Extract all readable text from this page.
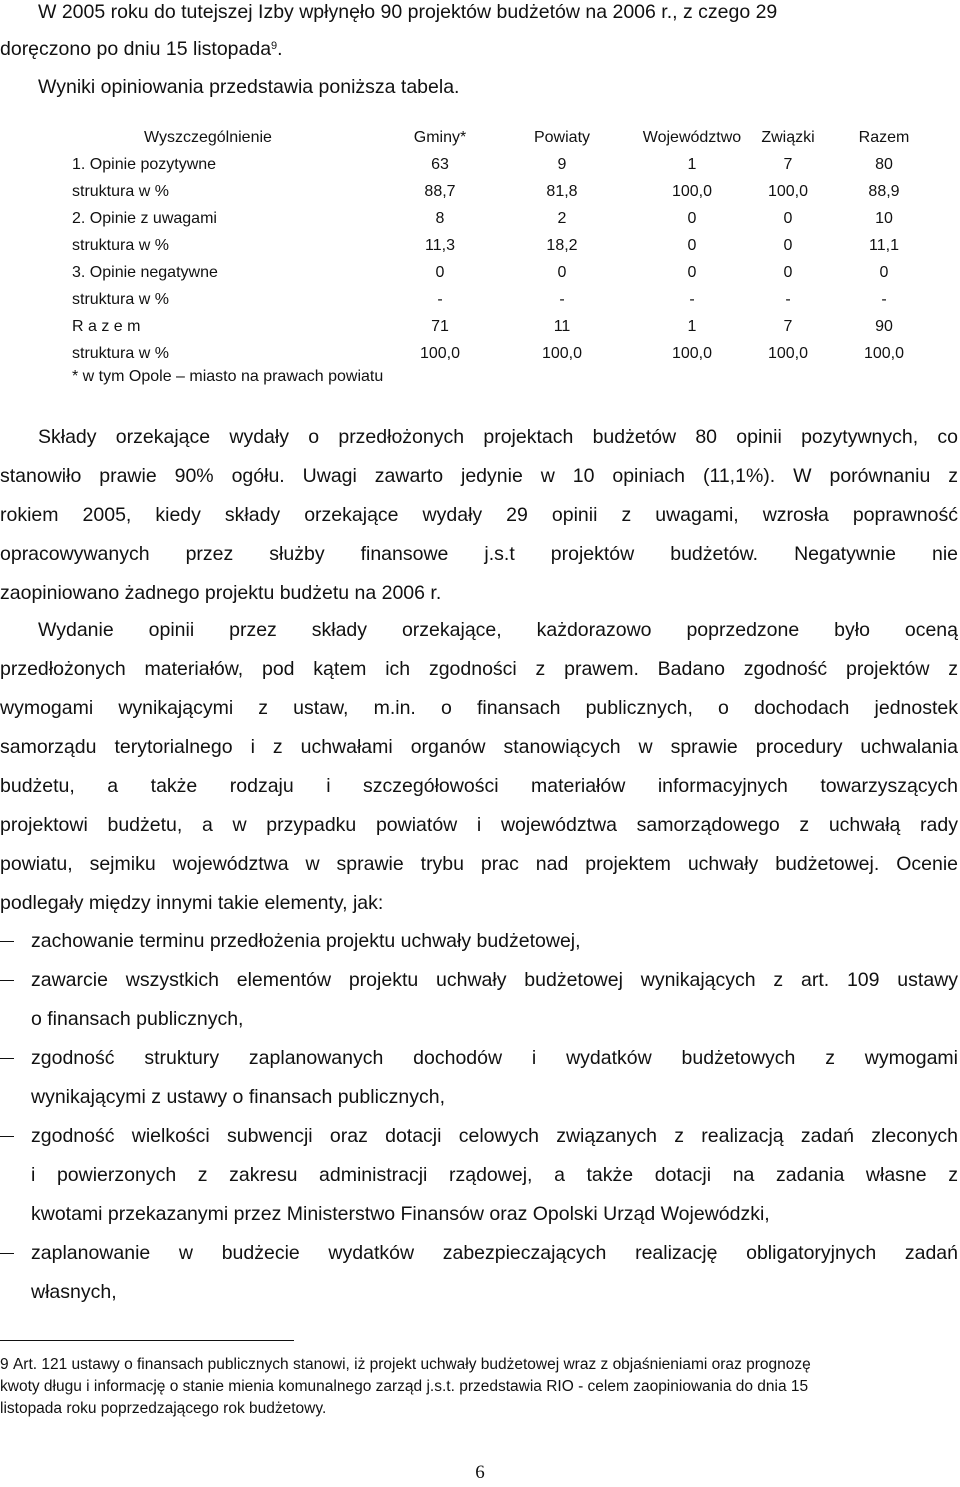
W 2005 roku do tutejszej Izby wpłynęło 90 projektów budżetów na 2006 r., z czego 29
doręczono po dniu 15 listopada$^9$.
Wyniki opiniowania przedstawia poniższa tabela.
Wyszczególnienie	Gminy*	Powiaty	Województwo	Związki	Razem
1. Opinie pozytywne	63	9	1	7	80
struktura w %	88,7	81,8	100,0	100,0	88,9
2. Opinie z uwagami	8	2	0	0	10
struktura w %	11,3	18,2	0	0	11,1
3. Opinie negatywne	0	0	0	0	0
struktura w %	-	-	-	-	-
R a z e m	71	11	1	7	90
struktura w %	100,0	100,0	100,0	100,0	100,0
* w tym Opole – miasto na prawach powiatu
Składy orzekające wydały o przedłożonych projektach budżetów 80 opinii pozytywnych, co
stanowiło prawie 90% ogółu. Uwagi zawarto jedynie w 10 opiniach (11,1%). W porównaniu z
rokiem 2005, kiedy składy orzekające wydały 29 opinii z uwagami, wzrosła poprawność
opracowywanych przez służby finansowe j.s.t projektów budżetów. Negatywnie nie
zaopiniowano żadnego projektu budżetu na 2006 r.
Wydanie opinii przez składy orzekające, każdorazowo poprzedzone było oceną
przedłożonych materiałów, pod kątem ich zgodności z prawem. Badano zgodność projektów z
wymogami wynikającymi z ustaw, m.in. o finansach publicznych, o dochodach jednostek
samorządu terytorialnego i z uchwałami organów stanowiących w sprawie procedury uchwalania
budżetu, a także rodzaju i szczegółowości materiałów informacyjnych towarzyszących
projektowi budżetu, a w przypadku powiatów i województwa samorządowego z uchwałą rady
powiatu, sejmiku województwa w sprawie trybu prac nad projektem uchwały budżetowej. Ocenie
podlegały między innymi takie elementy, jak:
zachowanie terminu przedłożenia projektu uchwały budżetowej,
zawarcie wszystkich elementów projektu uchwały budżetowej wynikających z art. 109 ustawy
o finansach publicznych,
zgodność struktury zaplanowanych dochodów i wydatków budżetowych z wymogami
wynikającymi z ustawy o finansach publicznych,
zgodność wielkości subwencji oraz dotacji celowych związanych z realizacją zadań zleconych
i powierzonych z zakresu administracji rządowej, a także dotacji na zadania własne z
kwotami przekazanymi przez Ministerstwo Finansów oraz Opolski Urząd Wojewódzki,
zaplanowanie w budżecie wydatków zabezpieczających realizację obligatoryjnych zadań
własnych,
9 Art. 121 ustawy o finansach publicznych stanowi, iż projekt uchwały budżetowej wraz z objaśnieniami oraz prognozę
kwoty długu i informację o stanie mienia komunalnego zarząd j.s.t. przedstawia RIO - celem zaopiniowania do dnia 15
listopada roku poprzedzającego rok budżetowy.
6
